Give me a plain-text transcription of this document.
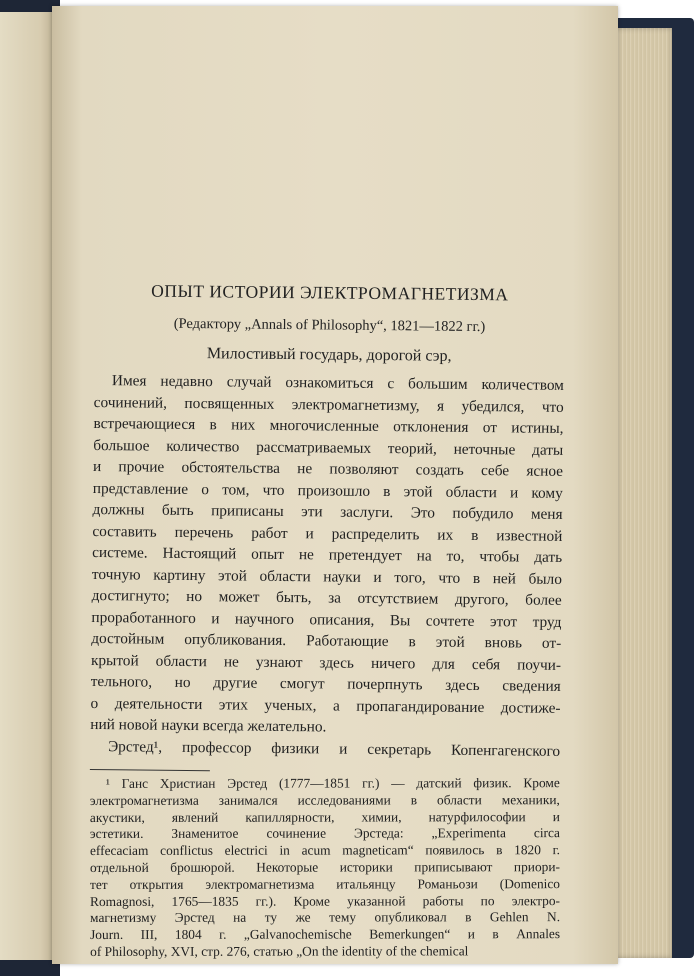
ОПЫТ ИСТОРИИ ЭЛЕКТРОМАГНЕТИЗМА
(Редактору „Annals of Philosophy“, 1821—1822 гг.)
Милостивый государь, дорогой сэр,
Имея недавно случай ознакомиться с большим количеством
сочинений, посвященных электромагнетизму, я убедился, что
встречающиеся в них многочисленные отклонения от истины,
большое количество рассматриваемых теорий, неточные даты
и прочие обстоятельства не позволяют создать себе ясное
представление о том, что произошло в этой области и кому
должны быть приписаны эти заслуги. Это побудило меня
составить перечень работ и распределить их в известной
системе. Настоящий опыт не претендует на то, чтобы дать
точную картину этой области науки и того, что в ней было
достигнуто; но может быть, за отсутствием другого, более
проработанного и научного описания, Вы сочтете этот труд
достойным опубликования. Работающие в этой вновь от-
крытой области не узнают здесь ничего для себя поучи-
тельного, но другие смогут почерпнуть здесь сведения
о деятельности этих ученых, а пропагандирование достиже-
ний новой науки всегда желательно.
Эрстед¹, профессор физики и секретарь Копенгагенского
¹ Ганс Христиан Эрстед (1777—1851 гг.) — датский физик. Кроме
электромагнетизма занимался исследованиями в области механики,
акустики, явлений капиллярности, химии, натурфилософии и
эстетики. Знаменитое сочинение Эрстеда: „Experimenta circa
effecacіam conflictus electrici in acum magneticam“ появилось в 1820 г.
отдельной брошюрой. Некоторые историки приписывают приори-
тет открытия электромагнетизма итальянцу Романьози (Domenico
Romagnosi, 1765—1835 гг.). Кроме указанной работы по электро-
магнетизму Эрстед на ту же тему опубликовал в Gehlen N.
Journ. III, 1804 г. „Galvanochemische Bemerkungen“ и в Annales
of Philosophy, XVI, стр. 276, статью „On the identity of the chemical
